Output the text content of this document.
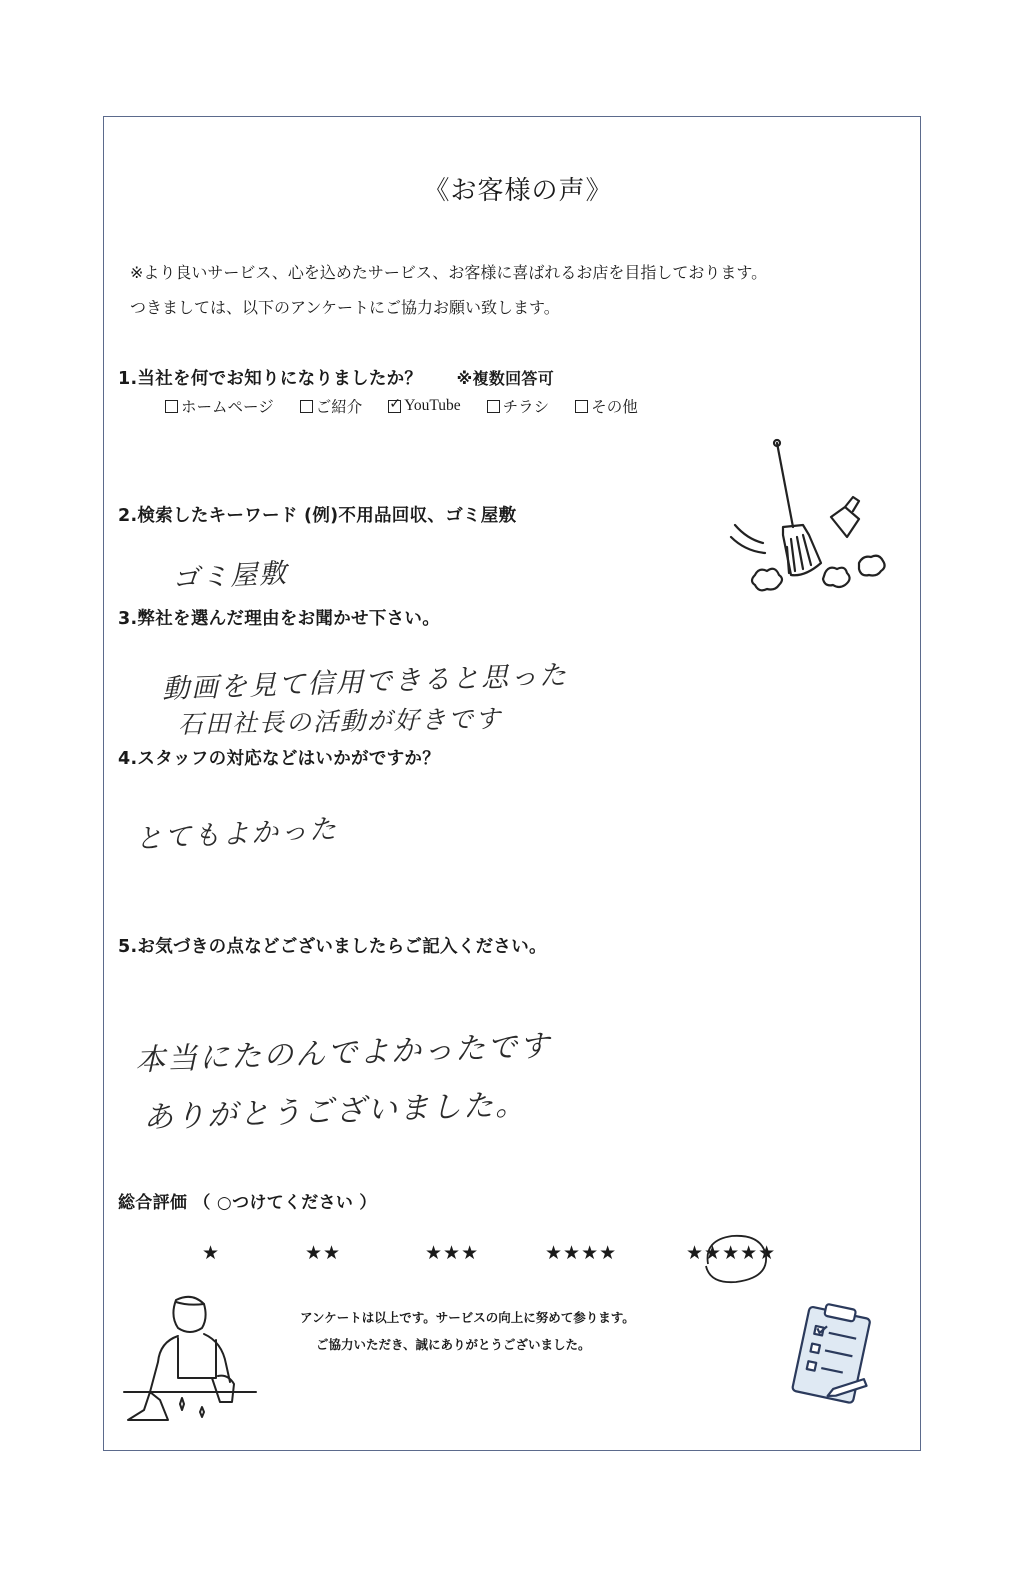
《お客様の声》
※より良いサービス、心を込めたサービス、お客様に喜ばれるお店を目指しております。
つきましては、以下のアンケートにご協力お願い致します。
1.当社を何でお知りになりましたか？ ※複数回答可
ホームページ	ご紹介 ✓ YouTube	チラシ	その他
2.検索したキーワード (例)不用品回収、ゴミ屋敷
ゴミ屋敷
3.弊社を選んだ理由をお聞かせ下さい。
動画を見て信用できると思った
石田社長の活動が好きです
4.スタッフの対応などはいかがですか？
とてもよかった
5.お気づきの点などございましたらご記入ください。
本当にたのんでよかったです
ありがとうございました。
総合評価 （ ○つけてください ）
★	★★	★★★	★★★★	★★★★★
アンケートは以上です。サービスの向上に努めて参ります。
ご協力いただき、誠にありがとうございました。
